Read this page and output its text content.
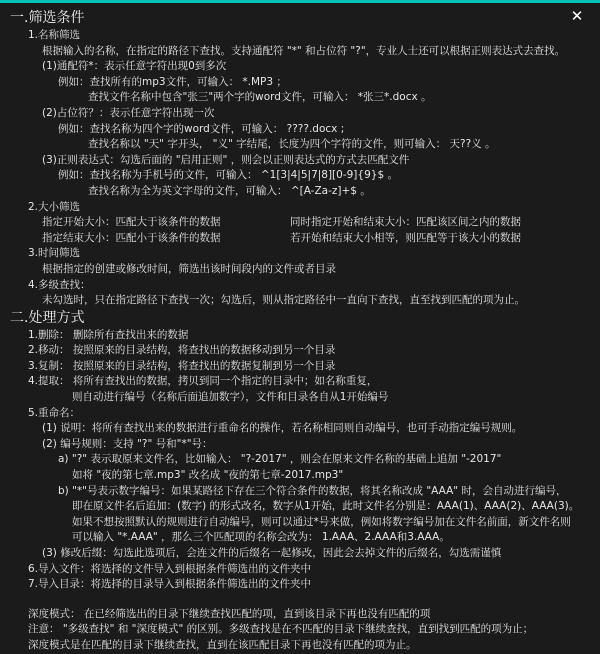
✕
一.筛选条件
1.名称筛选
根据输入的名称，在指定的路径下查找。支持通配符 "*" 和占位符 "?"，专业人士还可以根据正则表达式去查找。
(1)通配符*：表示任意字符出现0到多次
例如：查找所有的mp3文件，可输入： *.MP3 ；
查找文件名称中包含"张三"两个字的word文件，可输入： *张三*.docx 。
(2)占位符？：表示任意字符出现一次
例如：查找名称为四个字的word文件，可输入： ????.docx ;
查找名称以 "天" 字开头， "义" 字结尾，长度为四个字符的文件，则可输入： 天??义 。
(3)正则表达式：勾选后面的 "启用正则" ，则会以正则表达式的方式去匹配文件
例如：查找名称为手机号的文件，可输入： ^1[3|4|5|7|8][0-9]{9}$ 。
查找名称为全为英文字母的文件，可输入： ^[A-Za-z]+$ 。
2.大小筛选
指定开始大小：匹配大于该条件的数据	同时指定开始和结束大小：匹配该区间之内的数据
指定结束大小：匹配小于该条件的数据	若开始和结束大小相等，则匹配等于该大小的数据
3.时间筛选
根据指定的创建或修改时间，筛选出该时间段内的文件或者目录
4.多级查找：
未勾选时，只在指定路径下查找一次；勾选后，则从指定路径中一直向下查找，直至找到匹配的项为止。
二.处理方式
1.删除： 删除所有查找出来的数据
2.移动： 按照原来的目录结构，将查找出的数据移动到另一个目录
3.复制： 按照原来的目录结构，将查找出的数据复制到另一个目录
4.提取： 将所有查找出的数据，拷贝到同一个指定的目录中；如名称重复，
则自动进行编号（名称后面追加数字），文件和目录各自从1开始编号
5.重命名：
(1) 说明：将所有查找出来的数据进行重命名的操作，若名称相同则自动编号，也可手动指定编号规则。
(2) 编号规则：支持 "?" 号和"*"号：
a) "?" 表示取原来文件名，比如输入： "?-2017" ，则会在原来文件名称的基础上追加 "-2017"
如将 "夜的第七章.mp3" 改名成 "夜的第七章-2017.mp3"
b) "*"号表示数字编号：如果某路径下存在三个符合条件的数据，将其名称改成 "AAA" 时，会自动进行编号，
即在原文件名后追加：(数字) 的形式改名，数字从1开始，此时文件名分别是：AAA(1)、AAA(2)、AAA(3)。
如果不想按照默认的规则进行自动编号，则可以通过*号来做，例如将数字编号加在文件名前面，新文件名则
可以输入 "*.AAA" ，那么三个匹配项的名称会改为： 1.AAA、2.AAA和3.AAA。
(3) 修改后缀：勾选此选项后，会连文件的后缀名一起修改，因此会去掉文件的后缀名，勾选需谨慎
6.导入文件：将选择的文件导入到根据条件筛选出的文件夹中
7.导入目录：将选择的目录导入到根据条件筛选出的文件夹中
深度模式： 在已经筛选出的目录下继续查找匹配的项，直到该目录下再也没有匹配的项
注意： "多级查找" 和 "深度模式" 的区别。多级查找是在不匹配的目录下继续查找，直到找到匹配的项为止；
深度模式是在匹配的目录下继续查找，直到在该匹配目录下再也没有匹配的项为止。
